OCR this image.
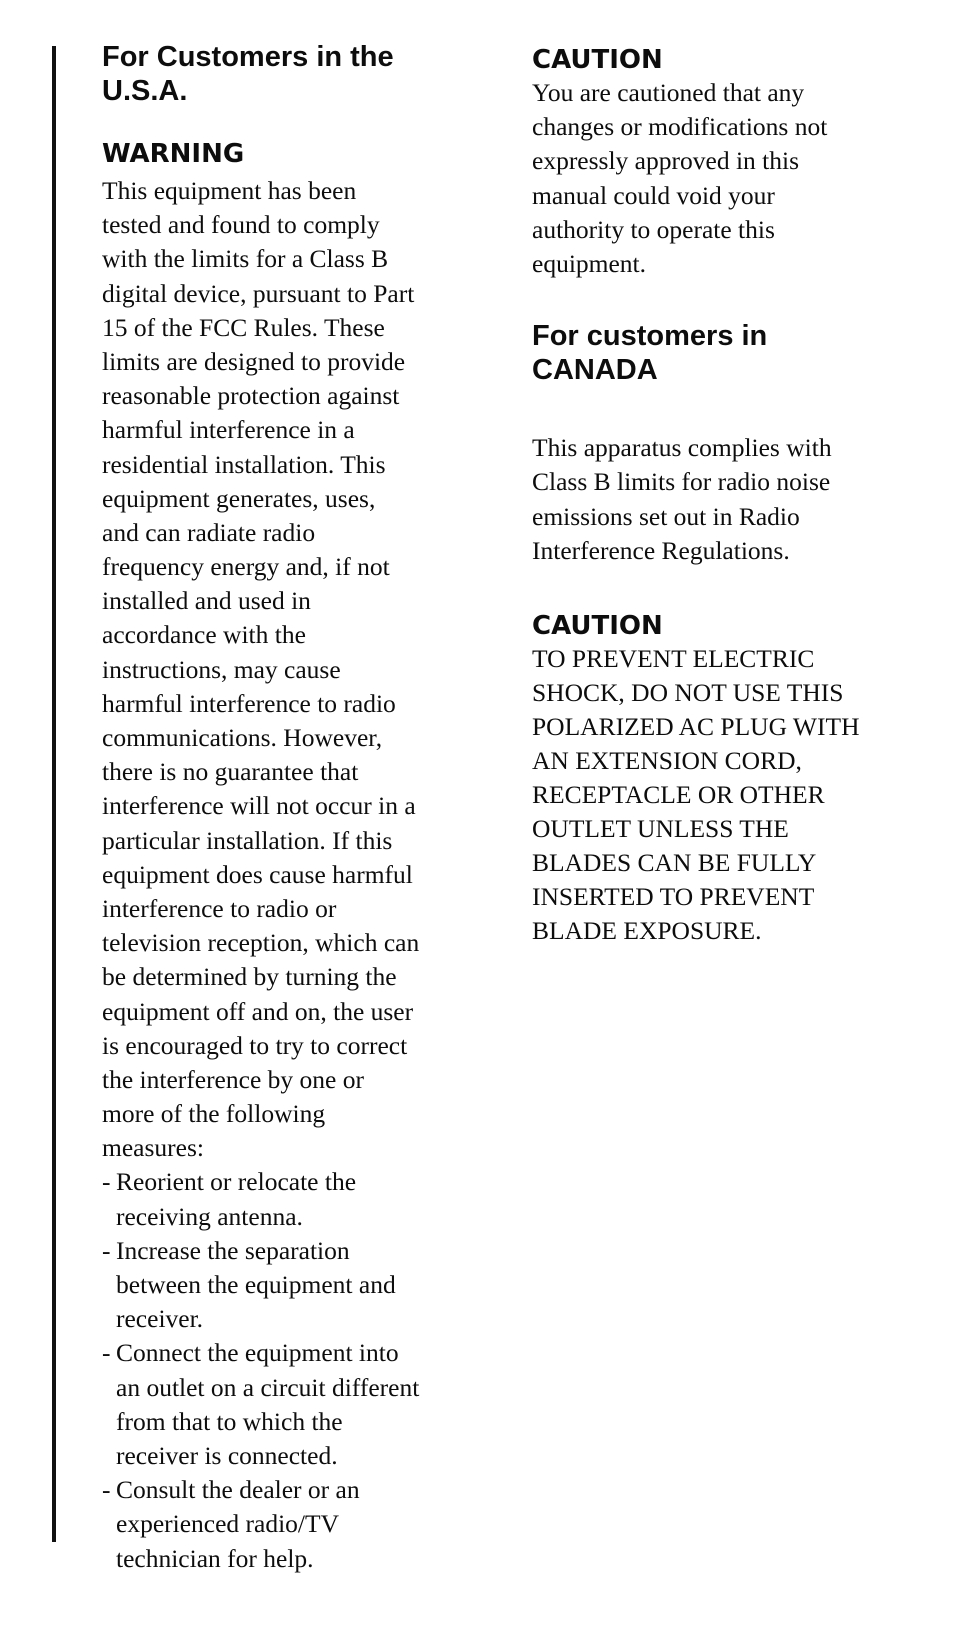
For Customers in the
U.S.A.
WARNING

This equipment has been
tested and found to comply
with the limits for a Class B
digital device, pursuant to Part
15 of the FCC Rules. These
limits are designed to provide
reasonable protection against
harmful interference in a
residential installation. This
equipment generates, uses,
and can radiate radio
frequency energy and, if not
installed and used in
accordance with the
instructions, may cause
harmful interference to radio
communications. However,
there is no guarantee that
interference will not occur in a
particular installation. If this
equipment does cause harmful
interference to radio or
television reception, which can
be determined by turning the
equipment off and on, the user
is encouraged to try to correct
the interference by one or
more of the following
measures:

- Reorient or relocate the
receiving antenna.
- Increase the separation
between the equipment and
receiver.
- Connect the equipment into
an outlet on a circuit different
from that to which the
receiver is connected.
- Consult the dealer or an
experienced radio/TV
technician for help.
CAUTION

You are cautioned that any
changes or modifications not
expressly approved in this
manual could void your
authority to operate this
equipment.

For customers in
CANADA

This apparatus complies with
Class B limits for radio noise
emissions set out in Radio
Interference Regulations.

CAUTION

TO PREVENT ELECTRIC
SHOCK, DO NOT USE THIS
POLARIZED AC PLUG WITH
AN EXTENSION CORD,
RECEPTACLE OR OTHER
OUTLET UNLESS THE
BLADES CAN BE FULLY
INSERTED TO PREVENT
BLADE EXPOSURE.
